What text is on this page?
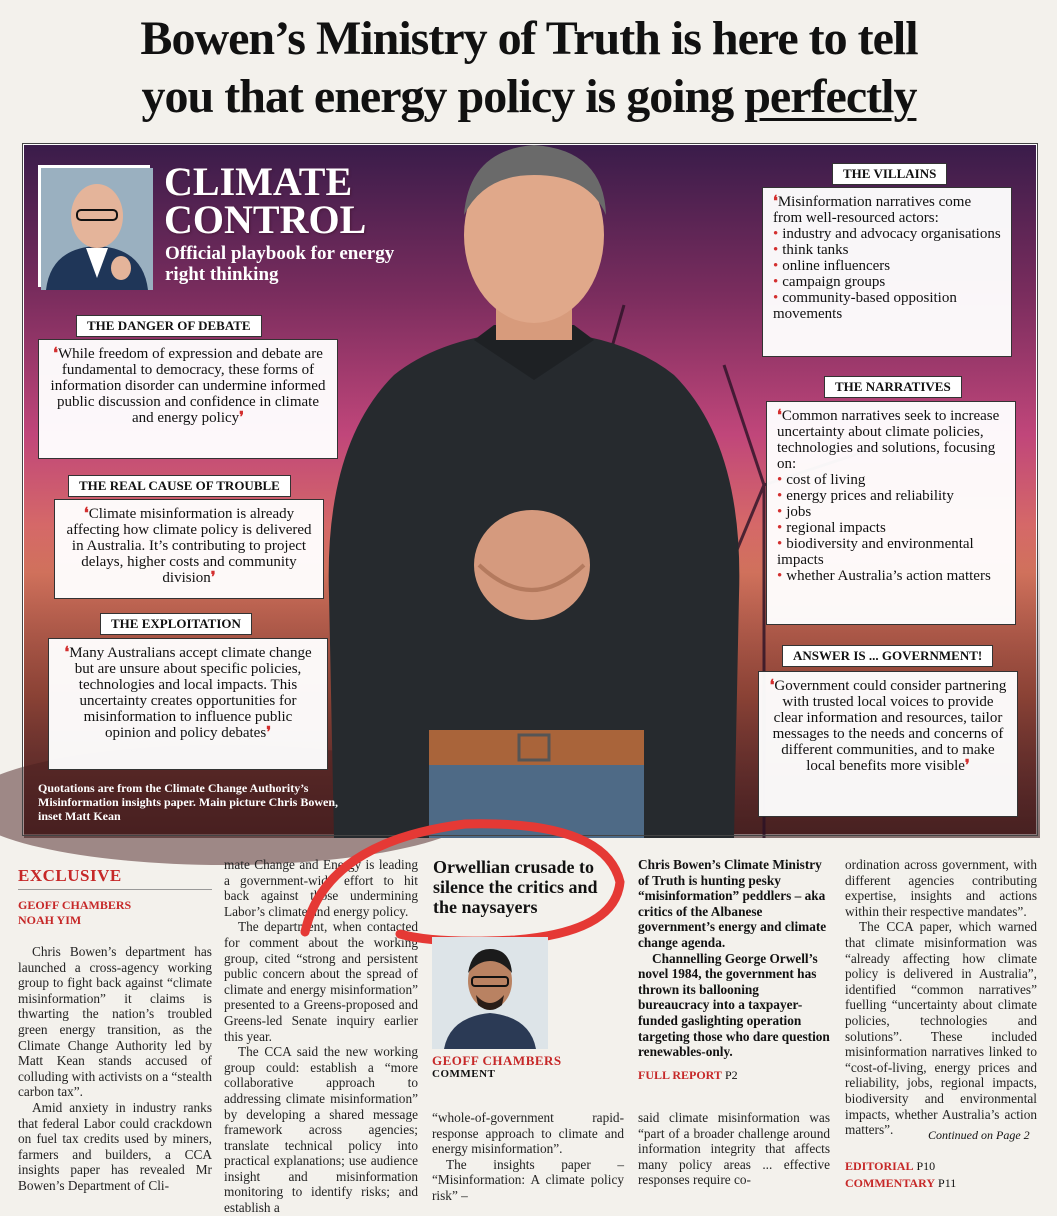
Bowen’s Ministry of Truth is here to tell
you that energy policy is going perfectly
CLIMATE
CONTROL
Official playbook for energy right thinking
THE DANGER OF DEBATE
❛While freedom of expression and debate are fundamental to democracy, these forms of information disorder can undermine informed public discussion and confidence in climate and energy policy❜
THE REAL CAUSE OF TROUBLE
❛Climate misinformation is already affecting how climate policy is delivered in Australia. It’s contributing to project delays, higher costs and community division❜
THE EXPLOITATION
❛Many Australians accept climate change but are unsure about specific policies, technologies and local impacts. This uncertainty creates opportunities for misinformation to influence public opinion and policy debates❜
Quotations are from the Climate Change Authority’s Misinformation insights paper. Main picture Chris Bowen, inset Matt Kean
THE VILLAINS
❛Misinformation narratives come from well-resourced actors:
• industry and advocacy organisations
• think tanks
• online influencers
• campaign groups
• community-based opposition movements
THE NARRATIVES
❛Common narratives seek to increase uncertainty about climate policies, technologies and solutions, focusing on:
• cost of living
• energy prices and reliability
• jobs
• regional impacts
• biodiversity and environmental impacts
• whether Australia’s action matters
ANSWER IS ... GOVERNMENT!
❛Government could consider partnering with trusted local voices to provide clear information and resources, tailor messages to the needs and concerns of different communities, and to make local benefits more visible❜
EXCLUSIVE
GEOFF CHAMBERS
NOAH YIM

Chris Bowen’s department has launched a cross-agency working group to fight back against “climate misinformation” it claims is thwarting the nation’s troubled green energy transition, as the Climate Change Authority led by Matt Kean stands accused of colluding with activists on a “stealth carbon tax”.

Amid anxiety in industry ranks that federal Labor could crackdown on fuel tax credits used by miners, farmers and builders, a CCA insights paper has revealed Mr Bowen’s Department of Cli-

mate Change and Energy is leading a government-wide effort to hit back against those undermining Labor’s climate and energy policy.

The department, when contacted for comment about the working group, cited “strong and persistent public concern about the spread of climate and energy misinformation” presented to a Greens-proposed and Greens-led Senate inquiry earlier this year.

The CCA said the new working group could: establish a “more collaborative approach to addressing climate misinformation” by developing a shared message framework across agencies; translate technical policy into practical explanations; use audience insight and misinformation monitoring to identify risks; and establish a

Orwellian crusade to silence the critics and the naysayers
GEOFF CHAMBERS
COMMENT

“whole-of-government rapid-response approach to climate and energy misinformation”.

The insights paper – “Misinformation: A climate policy risk” –

Chris Bowen’s Climate Ministry of Truth is hunting pesky “misinformation” peddlers – aka critics of the Albanese government’s energy and climate change agenda.

Channelling George Orwell’s novel 1984, the government has thrown its ballooning bureaucracy into a taxpayer-funded gaslighting operation targeting those who dare question renewables-only.

FULL REPORT P2

said climate misinformation was “part of a broader challenge around information integrity that affects many policy areas ... effective responses require co-

ordination across government, with different agencies contributing expertise, insights and actions within their respective mandates”.

The CCA paper, which warned that climate misinformation was “already affecting how climate policy is delivered in Australia”, identified “common narratives” fuelling “uncertainty about climate policies, technologies and solutions”. These included misinformation narratives linked to “cost-of-living, energy prices and reliability, jobs, regional impacts, biodiversity and environmental impacts, whether Australia’s action matters”.	Continued on Page 2
EDITORIAL P10
COMMENTARY P11
